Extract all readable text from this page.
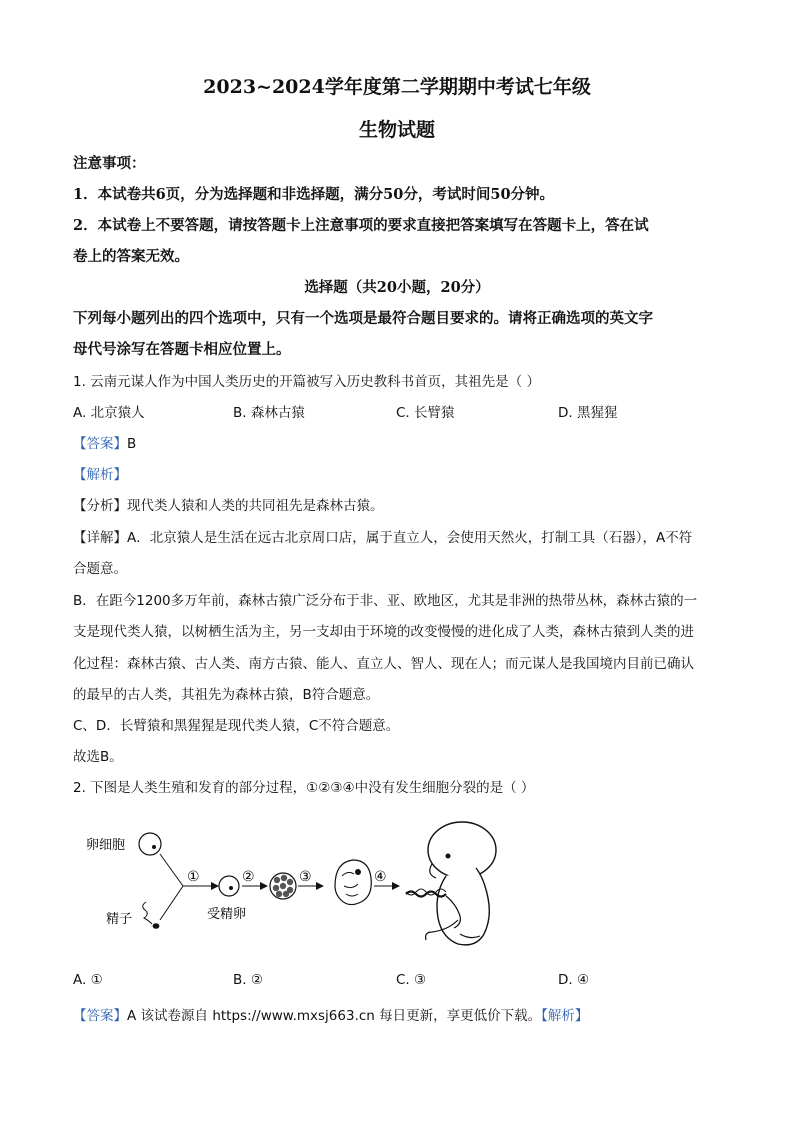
2023~2024学年度第二学期期中考试七年级
生物试题
注意事项：
1．本试卷共6页，分为选择题和非选择题，满分50分，考试时间50分钟。
2．本试卷上不要答题，请按答题卡上注意事项的要求直接把答案填写在答题卡上，答在试
卷上的答案无效。
选择题（共20小题，20分）
下列每小题列出的四个选项中，只有一个选项是最符合题目要求的。请将正确选项的英文字
母代号涂写在答题卡相应位置上。
1. 云南元谋人作为中国人类历史的开篇被写入历史教科书首页，其祖先是（ ）
A. 北京猿人	B. 森林古猿	C. 长臂猿	D. 黑猩猩
【答案】B
【解析】
【分析】现代类人猿和人类的共同祖先是森林古猿。
【详解】A．北京猿人是生活在远古北京周口店，属于直立人，会使用天然火，打制工具（石器），A不符
合题意。
B．在距今1200多万年前，森林古猿广泛分布于非、亚、欧地区，尤其是非洲的热带丛林，森林古猿的一
支是现代类人猿，以树栖生活为主，另一支却由于环境的改变慢慢的进化成了人类，森林古猿到人类的进
化过程：森林古猿、古人类、南方古猿、能人、直立人、智人、现在人；而元谋人是我国境内目前已确认
的最早的古人类，其祖先为森林古猿，B符合题意。
C、D．长臂猿和黑猩猩是现代类人猿，C不符合题意。
故选B。
2. 下图是人类生殖和发育的部分过程，①②③④中没有发生细胞分裂的是（ ）
卵细胞
精子
①
受精卵
②	③	④
A. ①	B. ②	C. ③	D. ④
【答案】A 该试卷源自 https://www.mxsj663.cn 每日更新，享更低价下载。【解析】
